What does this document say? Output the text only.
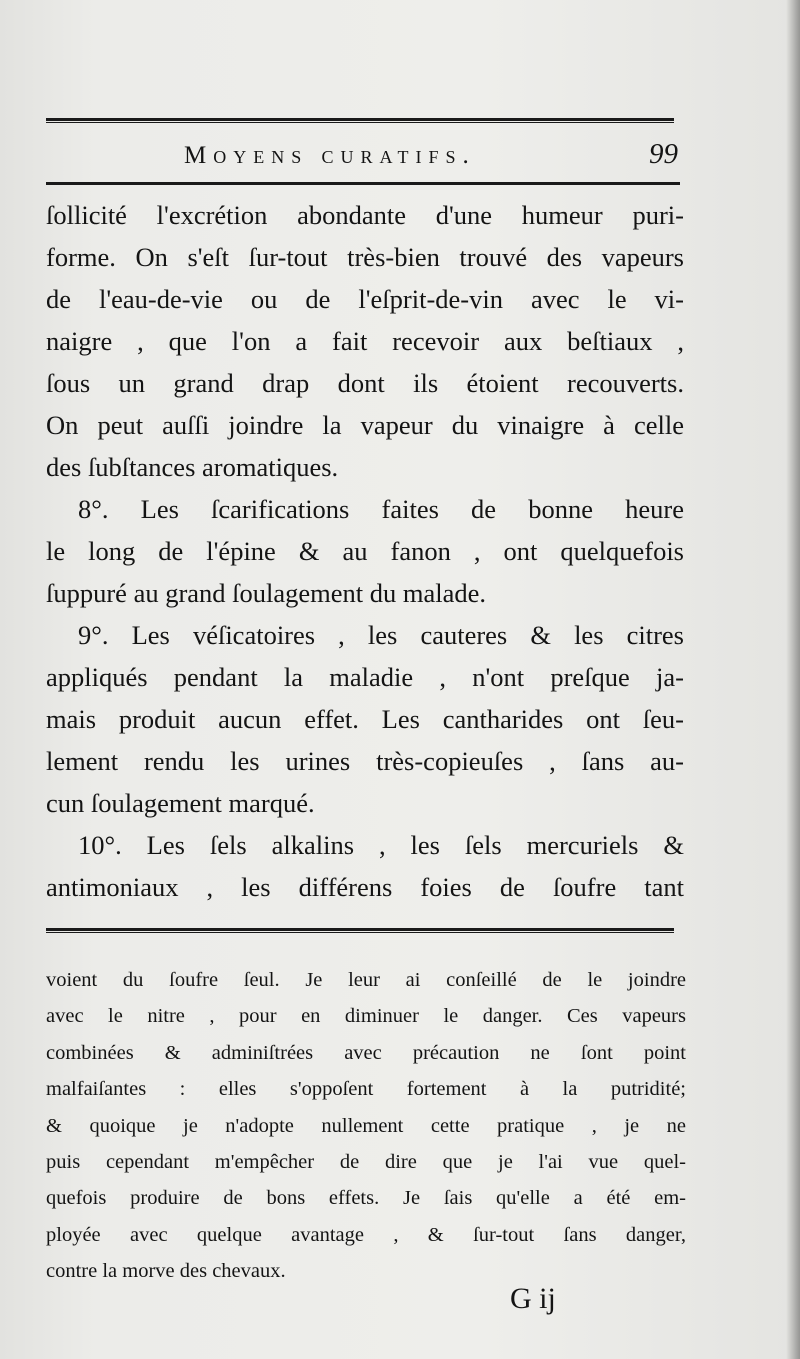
Moyens curatifs.	99
ſollicité l'excrétion abondante d'une humeur puri-
forme. On s'eſt ſur-tout très-bien trouvé des vapeurs
de l'eau-de-vie ou de l'eſprit-de-vin avec le vi-
naigre , que l'on a fait recevoir aux beſtiaux ,
ſous un grand drap dont ils étoient recouverts.
On peut auſſi joindre la vapeur du vinaigre à celle
des ſubſtances aromatiques.
8°. Les ſcarifications faites de bonne heure
le long de l'épine & au fanon , ont quelquefois
ſuppuré au grand ſoulagement du malade.
9°. Les véſicatoires , les cauteres & les citres
appliqués pendant la maladie , n'ont preſque ja-
mais produit aucun effet. Les cantharides ont ſeu-
lement rendu les urines très-copieuſes , ſans au-
cun ſoulagement marqué.
10°. Les ſels alkalins , les ſels mercuriels &
antimoniaux , les différens foies de ſoufre tant
voient du ſoufre ſeul. Je leur ai conſeillé de le joindre
avec le nitre , pour en diminuer le danger. Ces vapeurs
combinées & adminiſtrées avec précaution ne ſont point
malfaiſantes : elles s'oppoſent fortement à la putridité;
& quoique je n'adopte nullement cette pratique , je ne
puis cependant m'empêcher de dire que je l'ai vue quel-
quefois produire de bons effets. Je ſais qu'elle a été em-
ployée avec quelque avantage , & ſur-tout ſans danger,
contre la morve des chevaux.
G ij
